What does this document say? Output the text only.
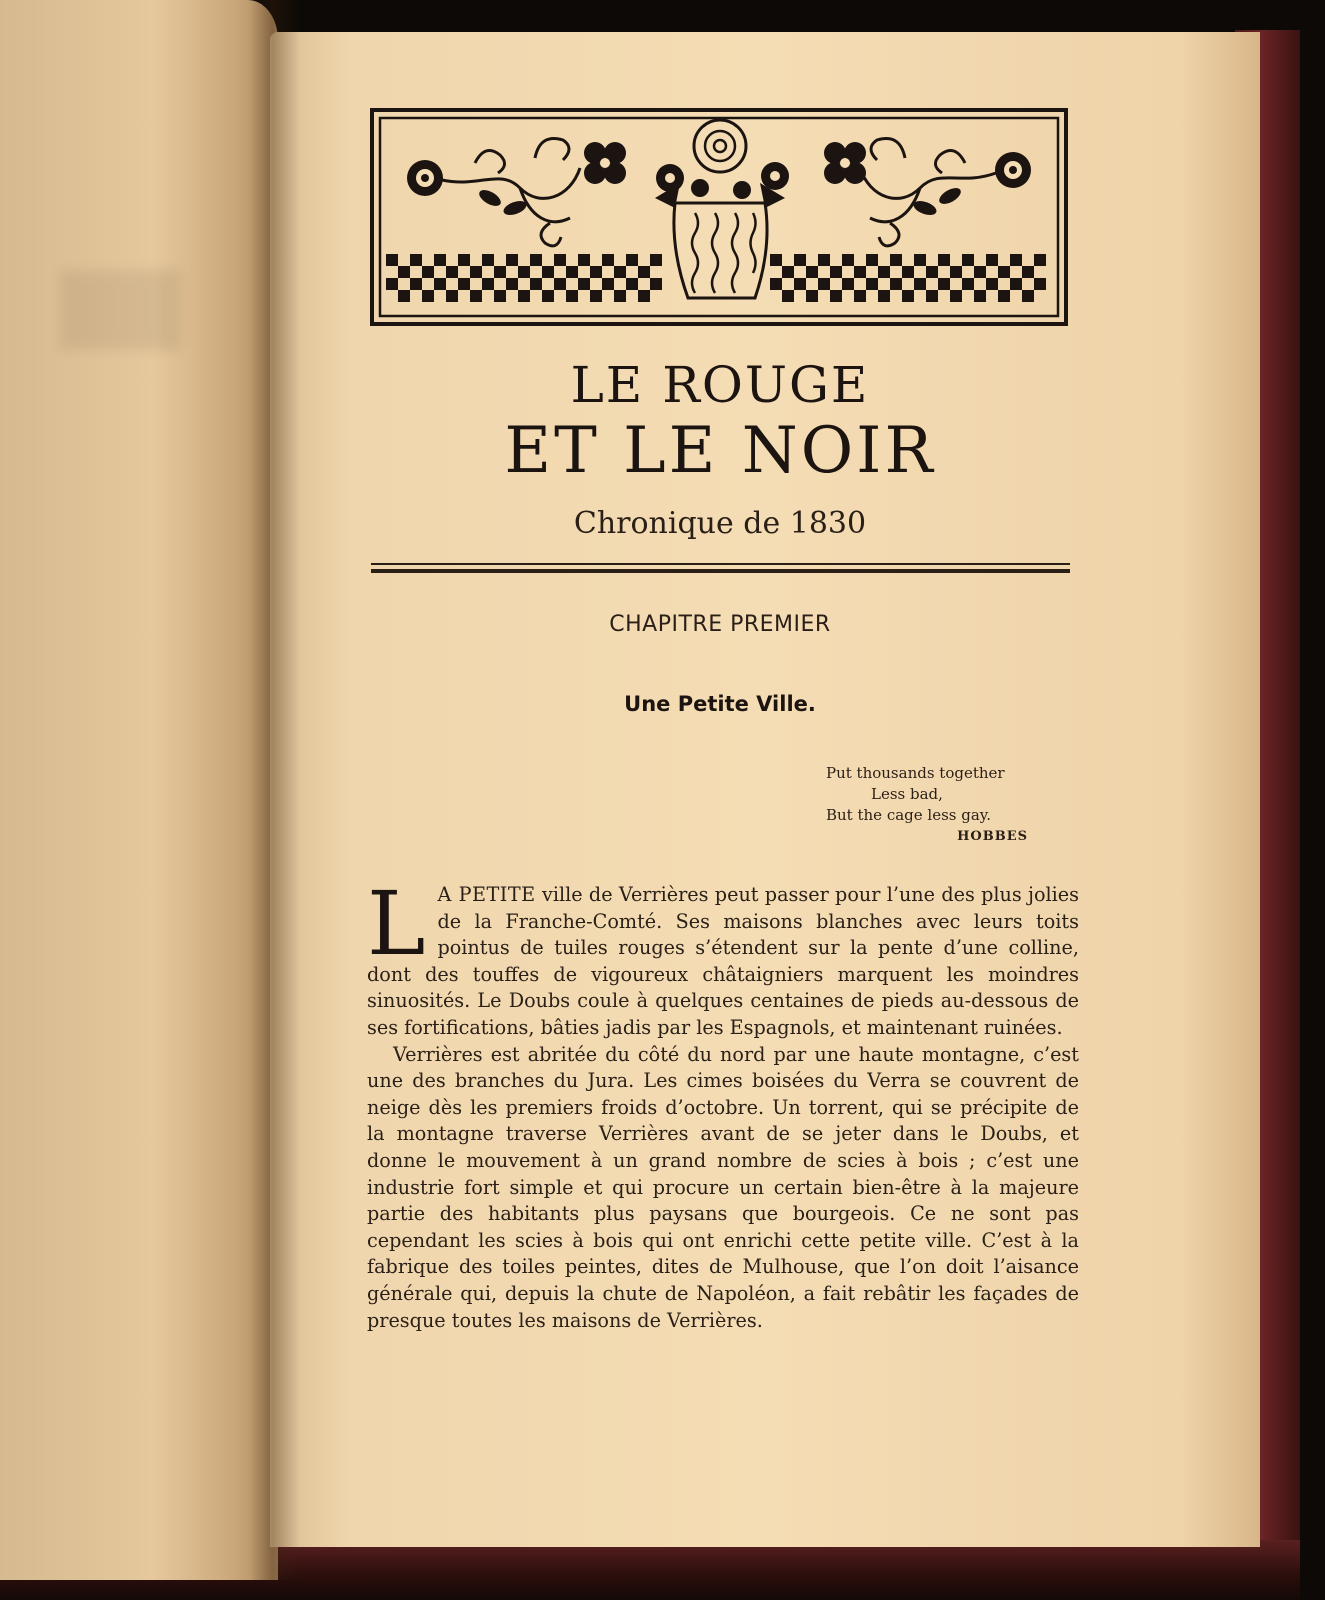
LE ROUGE
ET LE NOIR
Chronique de 1830
CHAPITRE PREMIER
Une Petite Ville.
Put thousands together
Less bad,
But the cage less gay.
HOBBES

L A PETITE ville de Verrières peut passer pour l’une des plus jolies de la Franche-Comté. Ses maisons blanches avec leurs toits pointus de tuiles rouges s’étendent sur la pente d’une colline, dont des touffes de vigoureux châtaigniers marquent les moindres sinuosités. Le Doubs coule à quelques centaines de pieds au-dessous de ses fortifications, bâties jadis par les Espagnols, et maintenant ruinées.

Verrières est abritée du côté du nord par une haute montagne, c’est une des branches du Jura. Les cimes boisées du Verra se couvrent de neige dès les premiers froids d’octobre. Un torrent, qui se précipite de la montagne traverse Verrières avant de se jeter dans le Doubs, et donne le mouvement à un grand nombre de scies à bois ; c’est une industrie fort simple et qui procure un certain bien-être à la majeure partie des habitants plus paysans que bourgeois. Ce ne sont pas cependant les scies à bois qui ont enrichi cette petite ville. C’est à la fabrique des toiles peintes, dites de Mulhouse, que l’on doit l’aisance générale qui, depuis la chute de Napoléon, a fait rebâtir les façades de presque toutes les maisons de Verrières.
